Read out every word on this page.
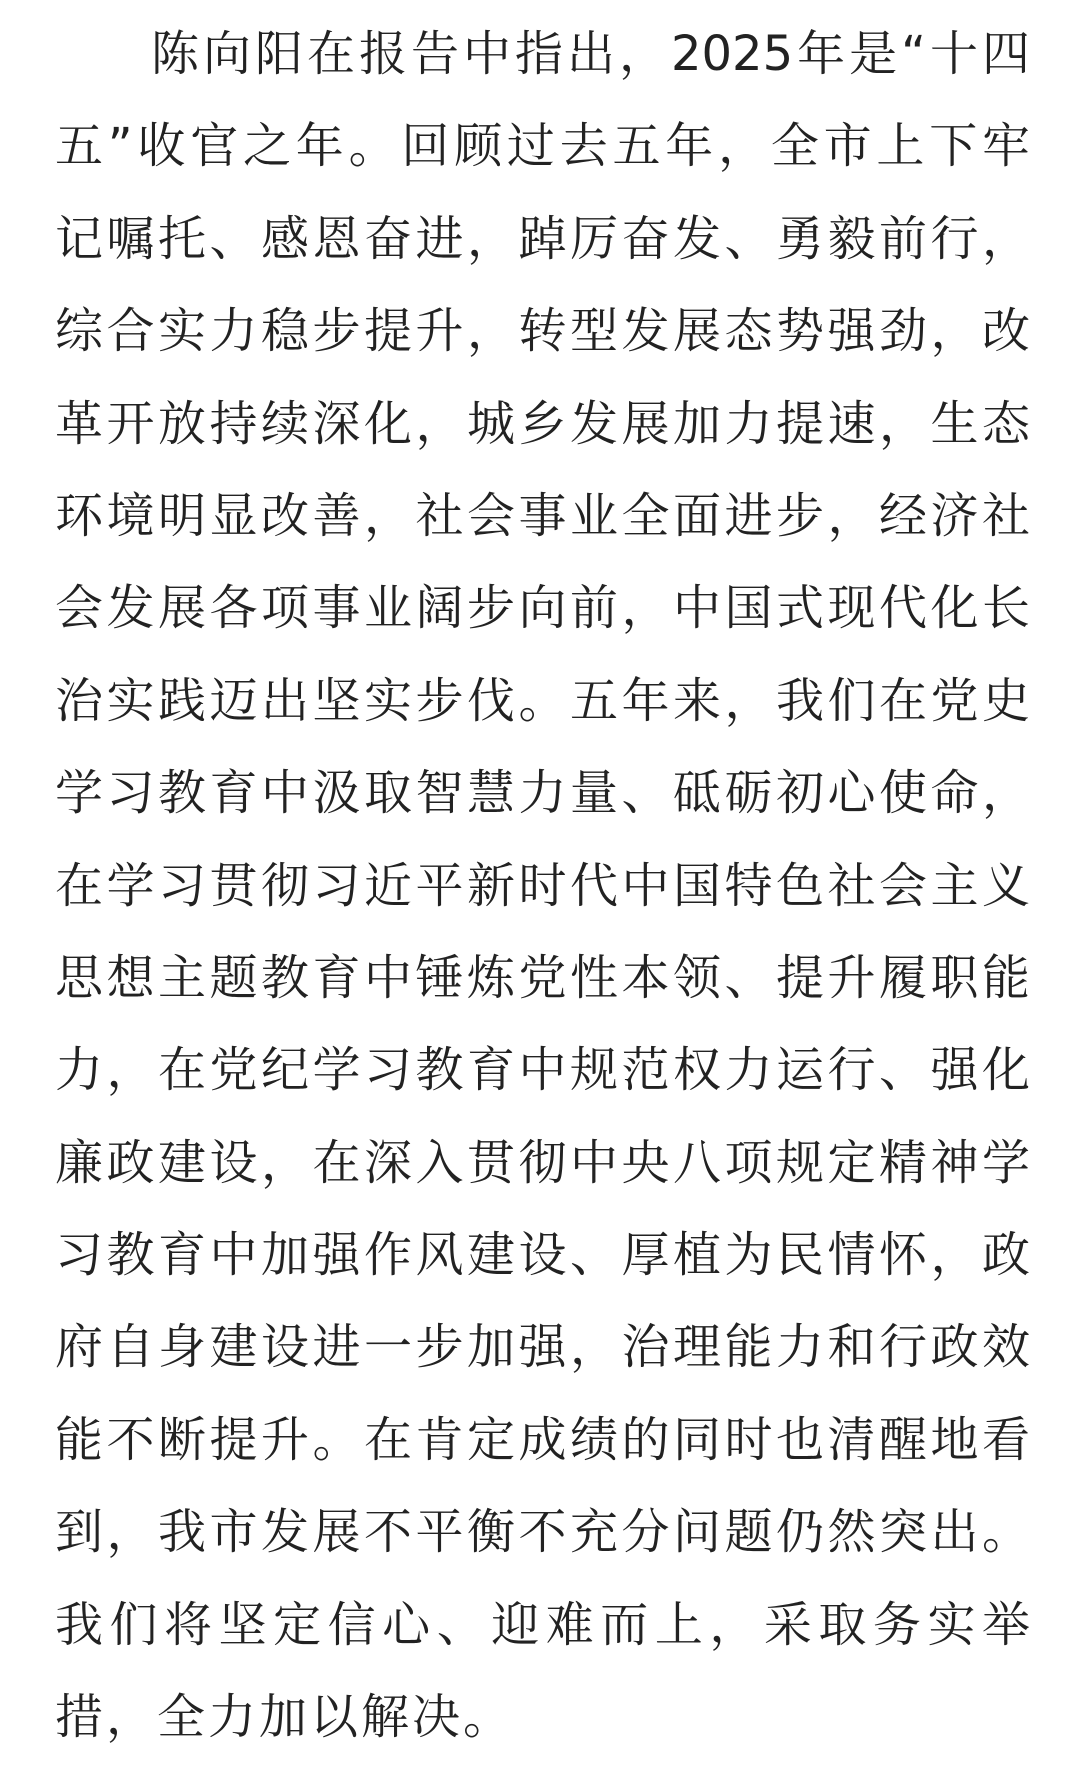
陈向阳在报告中指出，2025年是“十四
五”收官之年。回顾过去五年，全市上下牢
记嘱托、感恩奋进，踔厉奋发、勇毅前行，
综合实力稳步提升，转型发展态势强劲，改
革开放持续深化，城乡发展加力提速，生态
环境明显改善，社会事业全面进步，经济社
会发展各项事业阔步向前，中国式现代化长
治实践迈出坚实步伐。五年来，我们在党史
学习教育中汲取智慧力量、砥砺初心使命，
在学习贯彻习近平新时代中国特色社会主义
思想主题教育中锤炼党性本领、提升履职能
力，在党纪学习教育中规范权力运行、强化
廉政建设，在深入贯彻中央八项规定精神学
习教育中加强作风建设、厚植为民情怀，政
府自身建设进一步加强，治理能力和行政效
能不断提升。在肯定成绩的同时也清醒地看
到，我市发展不平衡不充分问题仍然突出。
我们将坚定信心、迎难而上，采取务实举
措，全力加以解决。
